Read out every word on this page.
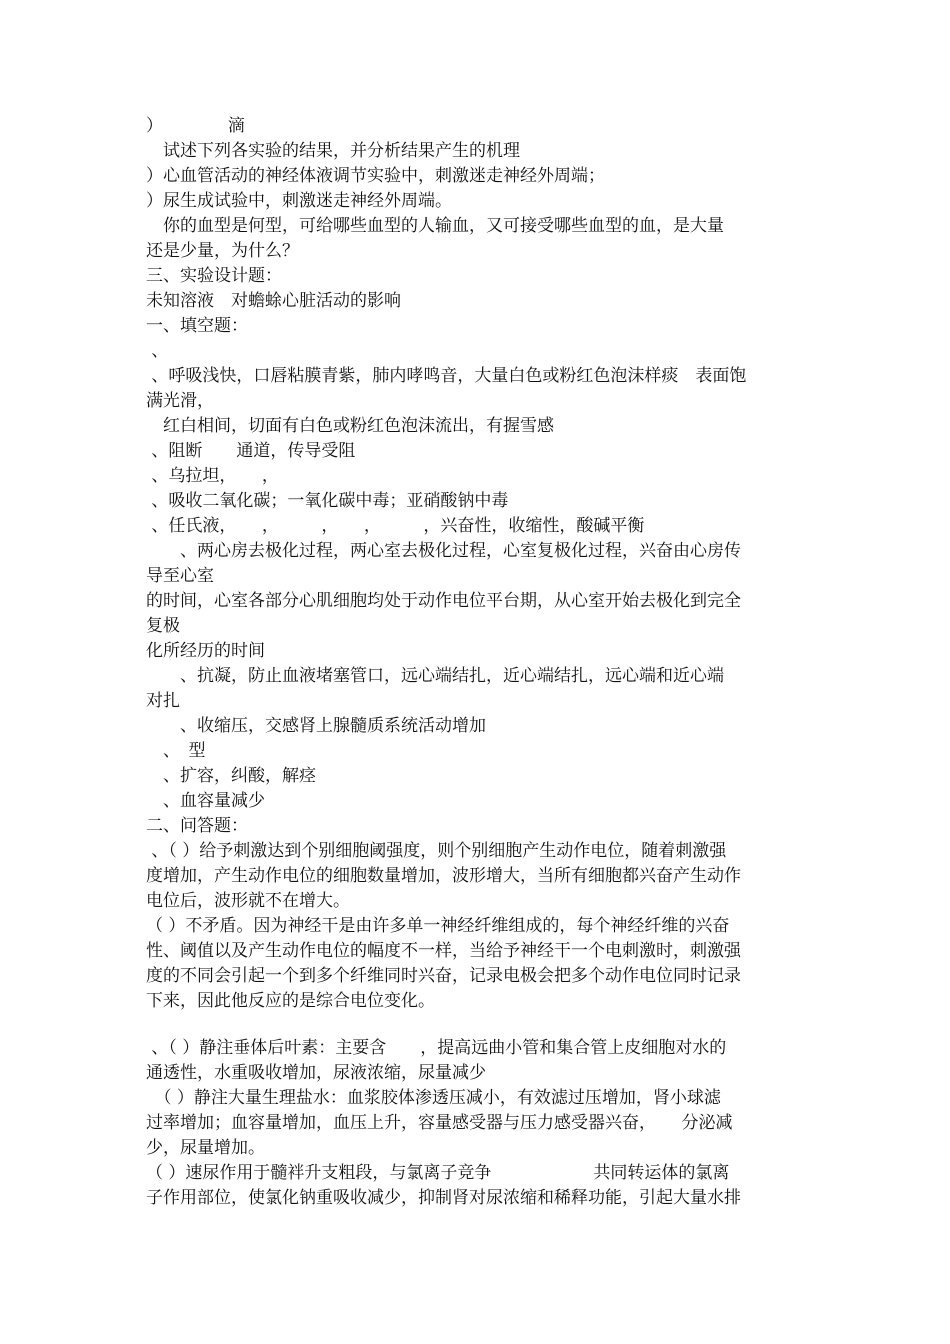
）　　　　 滴
　试述下列各实验的结果，并分析结果产生的机理
）心血管活动的神经体液调节实验中，刺激迷走神经外周端；
）尿生成试验中，刺激迷走神经外周端。
　你的血型是何型，可给哪些血型的人输血，又可接受哪些血型的血，是大量
还是少量，为什么？
三、实验设计题：
未知溶液　对蟾蜍心脏活动的影响
一、填空题：
、
、呼吸浅快，口唇粘膜青紫，肺内哮鸣音，大量白色或粉红色泡沫样痰　表面饱
满光滑，
　红白相间，切面有白色或粉红色泡沫流出，有握雪感
、阻断　　通道，传导受阻
、乌拉坦，　　，
、吸收二氧化碳；一氧化碳中毒；亚硝酸钠中毒
、任氏液，　　，　　　，　　，　　　，兴奋性，收缩性，酸碱平衡
　　、两心房去极化过程，两心室去极化过程，心室复极化过程，兴奋由心房传
导至心室
的时间，心室各部分心肌细胞均处于动作电位平台期，从心室开始去极化到完全
复极
化所经历的时间
　　、抗凝，防止血液堵塞管口，远心端结扎，近心端结扎，远心端和近心端
对扎
　　、收缩压，交感肾上腺髓质系统活动增加
　、　型
　、扩容，纠酸，解痉
　、血容量减少
二、问答题：
、（ ）给予刺激达到个别细胞阈强度，则个别细胞产生动作电位，随着刺激强
度增加，产生动作电位的细胞数量增加，波形增大，当所有细胞都兴奋产生动作
电位后，波形就不在增大。
（ ）不矛盾。因为神经干是由许多单一神经纤维组成的，每个神经纤维的兴奋
性、阈值以及产生动作电位的幅度不一样，当给予神经干一个电刺激时，刺激强
度的不同会引起一个到多个纤维同时兴奋，记录电极会把多个动作电位同时记录
下来，因此他反应的是综合电位变化。
、（ ）静注垂体后叶素：主要含　　，提高远曲小管和集合管上皮细胞对水的
通透性，水重吸收增加，尿液浓缩，尿量减少
　（ ）静注大量生理盐水：血浆胶体渗透压减小，有效滤过压增加，肾小球滤
过率增加；血容量增加，血压上升，容量感受器与压力感受器兴奋，　　分泌减
少，尿量增加。
（ ）速尿作用于髓袢升支粗段，与氯离子竞争　　　　　　共同转运体的氯离
子作用部位，使氯化钠重吸收减少，抑制肾对尿浓缩和稀释功能，引起大量水排
